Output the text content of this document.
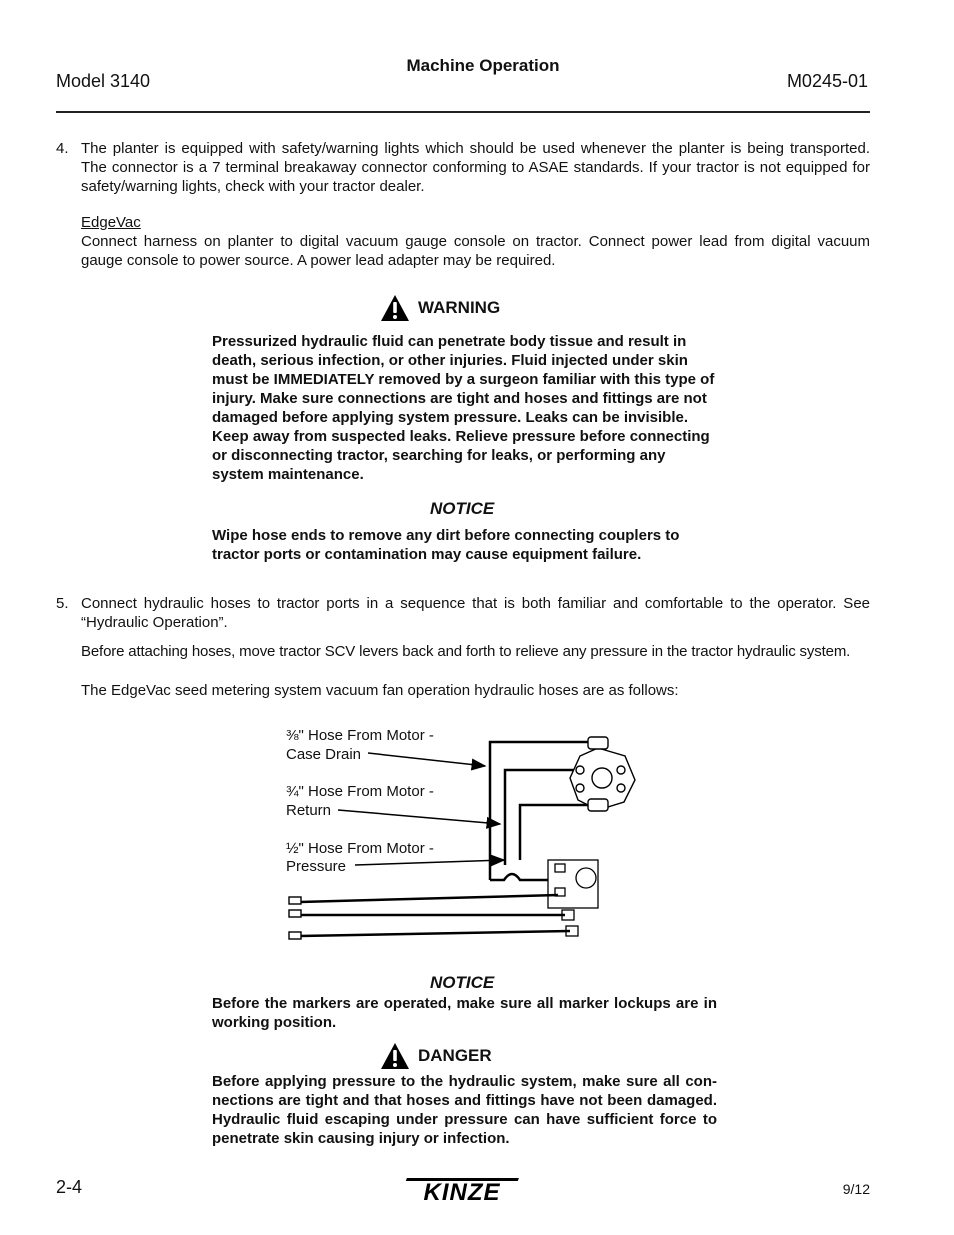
Model 3140
Machine Operation
M0245-01
4. The planter is equipped with safety/warning lights which should be used whenever the planter is being transported. The connector is a 7 terminal breakaway connector conforming to ASAE standards. If your tractor is not equipped for safety/warning lights, check with your tractor dealer.
EdgeVac
Connect harness on planter to digital vacuum gauge console on tractor. Connect power lead from digital vacuum gauge console to power source. A power lead adapter may be required.
WARNING
Pressurized hydraulic fluid can penetrate body tissue and result in death, serious infection, or other injuries. Fluid injected under skin must be IMMEDIATELY removed by a surgeon familiar with this type of injury. Make sure connections are tight and hoses and fittings are not damaged before applying system pressure. Leaks can be invisible. Keep away from suspected leaks. Relieve pressure before connecting or disconnecting tractor, searching for leaks, or performing any system maintenance.
NOTICE
Wipe hose ends to remove any dirt before connecting couplers to tractor ports or contamination may cause equipment failure.
5. Connect hydraulic hoses to tractor ports in a sequence that is both familiar and comfortable to the operator. See “Hydraulic Operation”.
Before attaching hoses, move tractor SCV levers back and forth to relieve any pressure in the tractor hydraulic system.
The EdgeVac seed metering system vacuum fan operation hydraulic hoses are as follows:
⅜" Hose From Motor -
Case Drain
¾" Hose From Motor -
Return
½" Hose From Motor -
Pressure
NOTICE
Before the markers are operated, make sure all marker lockups are in working position.
DANGER
Before applying pressure to the hydraulic system, make sure all con-nections are tight and that hoses and fittings have not been damaged. Hydraulic fluid escaping under pressure can have sufficient force to penetrate skin causing injury or infection.
2-4	KINZE	9/12
